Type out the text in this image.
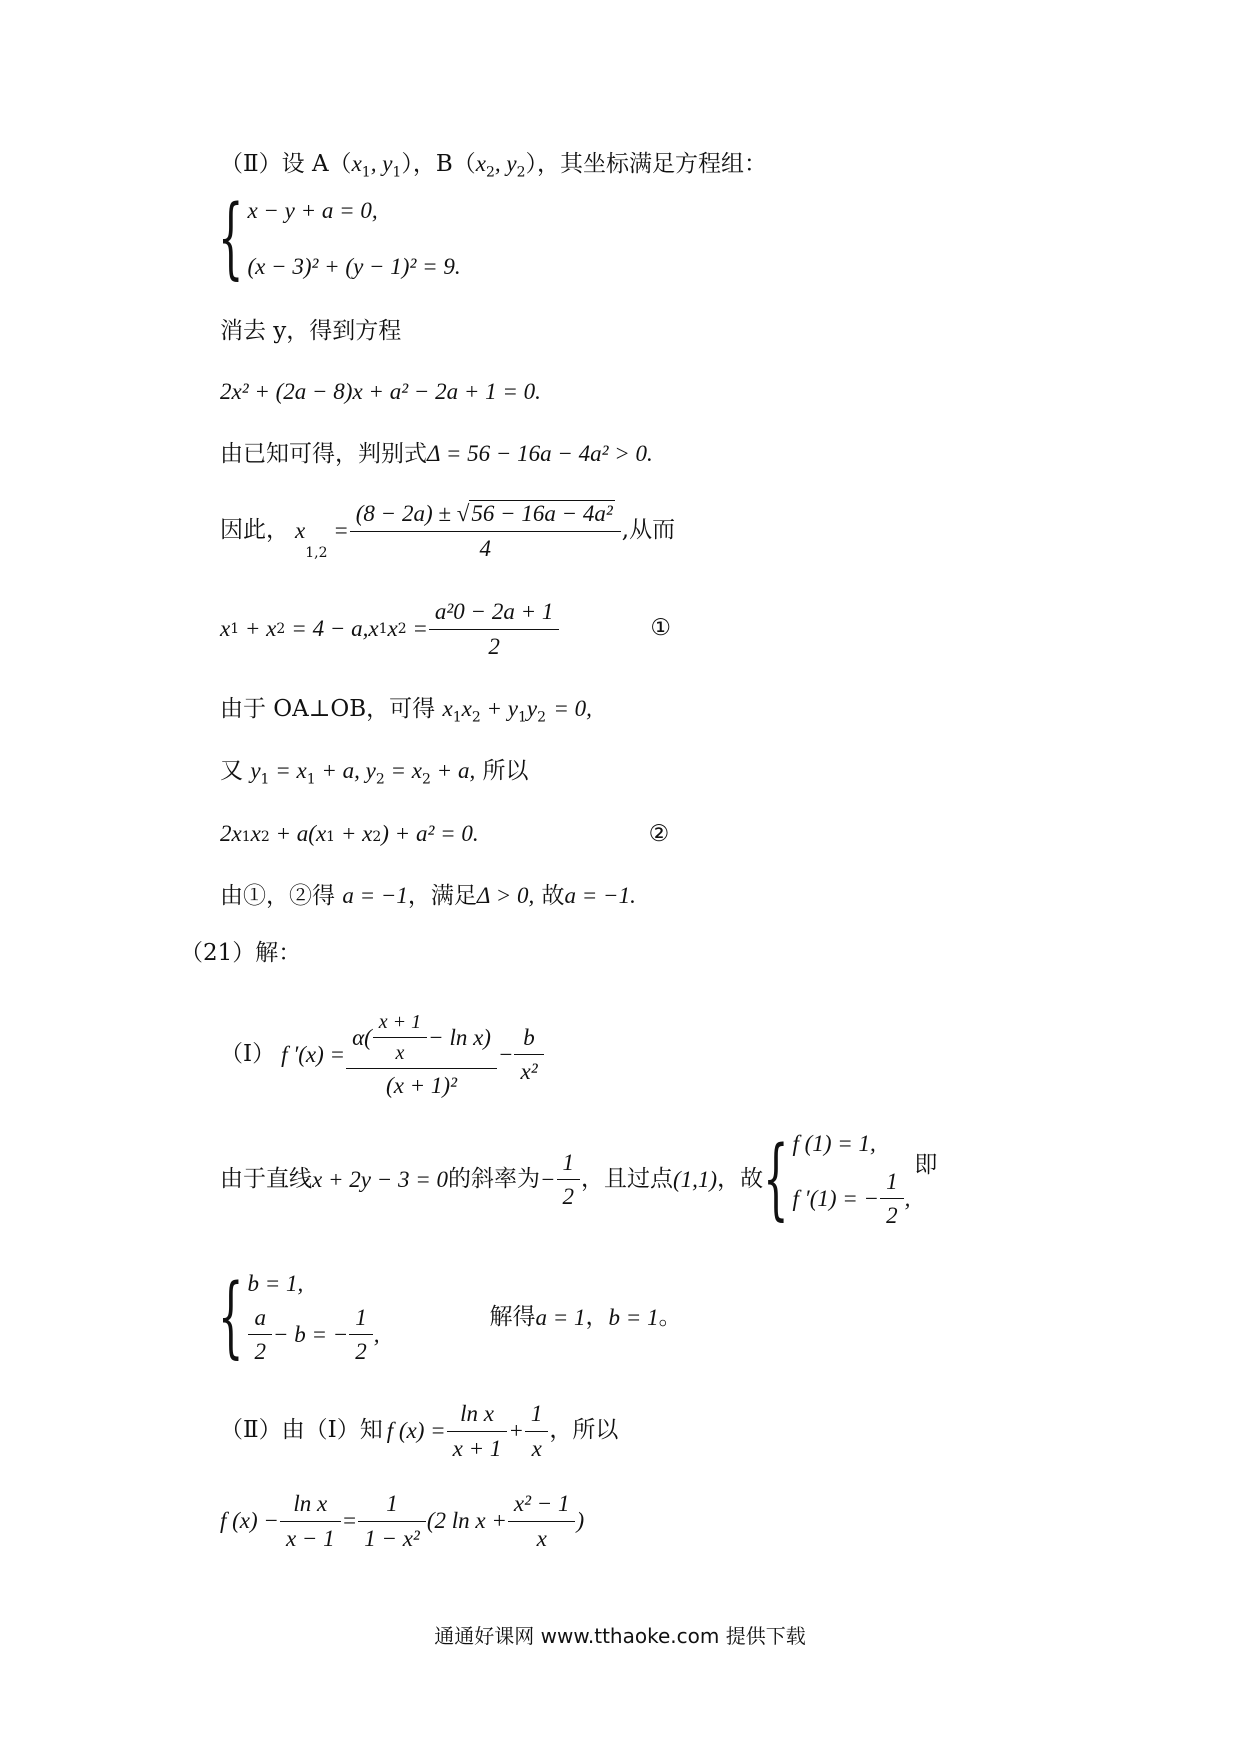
（Ⅱ）设 $A(x_1$, $y_1$），$B(x_2$, $y_2$），其坐标满足方程组：
{ x − y + a = 0,
(x − 3)² + (y − 1)² = 9.
消去 y，得到方程
2x² + (2a − 8)x + a² − 2a + 1 = 0.
由已知可得，判别式Δ = 56 − 16a − 4a² > 0.
因此， x
1,2
= $\frac{\text{(8 − 2a) ± √56 − 16a − 4a²}}{4}$ ,从而
x 1 + x 2 = 4 − a, x 1 x $2 = \frac{\text{a²0 − 2a + 1}}{2}$	①
由于 OA⊥OB，可得 $x_1x_2 + y_1y_2 = 0$,
又 $y_1 = x_1 + a$, $y_2 = x_2 + a$, 所以
2x 1 x 2 + a(x 1 + x 2 ) + a² = 0.	②
由①，②得 a = −1，满足Δ > 0, 故a = −1.
（21）解：
（Ⅰ） f $'(x) = \frac{\alpha( \frac{x + 1}{x} - \ln x)}{\text{(x + 1)²}} - \frac{b}{\text{x²}}$
由于直线 x + 2y − 3 = 0 的斜率为 − $\frac{1}{2}$ ，且过点 (1,1) ，故 { f (1) = 1,
f ′(1) = − $\frac{1}{2}$ ,
即
{ b = 1,
$\frac{a}{2} - b$ = − $\frac{1}{2}$ ,
解得 a = 1 ， b = 1 。
（Ⅱ）由（Ⅰ）知 f $(x) = \frac{\text{ln x}}{x + 1} + \frac{1}{x}$ ，所以
f $(x) - \frac{\text{ln x}}{x - 1} = \frac{1}{\text{1 − x²}} (2$ $\ln x + \frac{\text{x² − 1}}{x}$ )
通通好课网 www.tthaoke.com 提供下载
